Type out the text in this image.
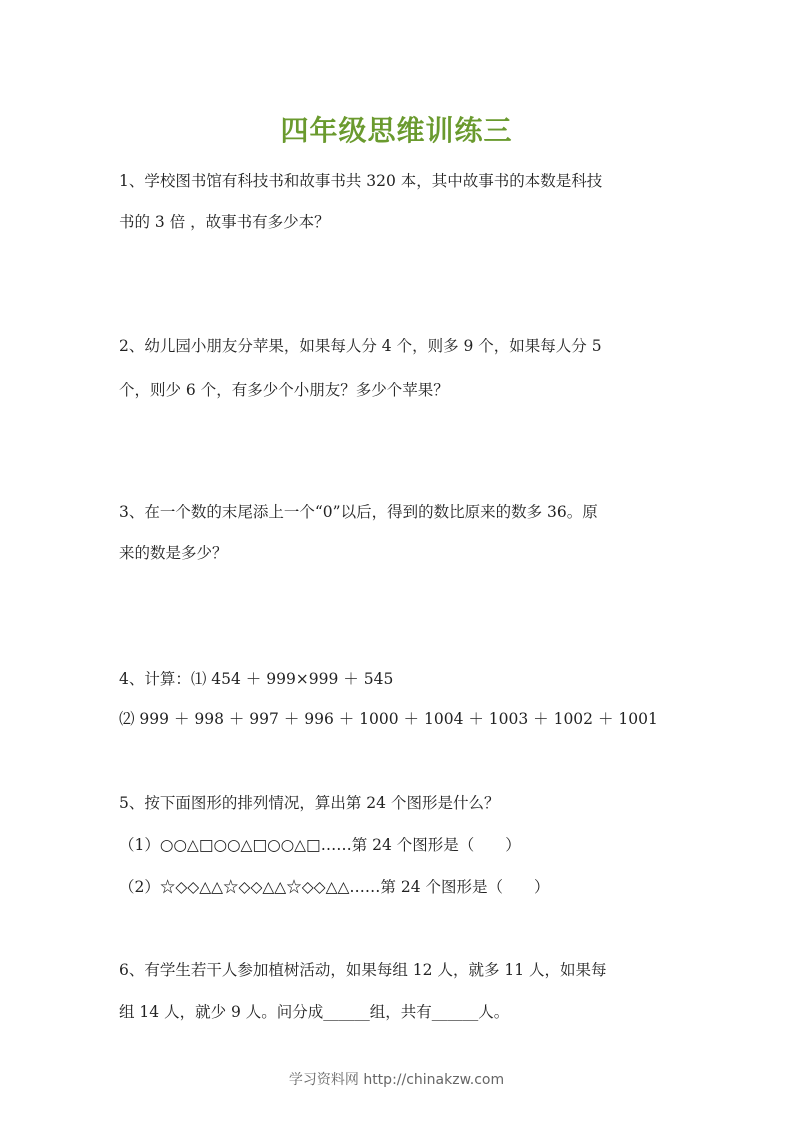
四年级思维训练三
1、学校图书馆有科技书和故事书共 320 本，其中故事书的本数是科技
书的 3 倍 ，故事书有多少本？
2、幼儿园小朋友分苹果，如果每人分 4 个，则多 9 个，如果每人分 5
个，则少 6 个，有多少个小朋友？多少个苹果？
3、在一个数的末尾添上一个“0”以后，得到的数比原来的数多 36。原
来的数是多少？
4、计算：⑴ 454 ＋ 999×999 ＋ 545
⑵ 999 ＋ 998 ＋ 997 ＋ 996 ＋ 1000 ＋ 1004 ＋ 1003 ＋ 1002 ＋ 1001
5、按下面图形的排列情况，算出第 24 个图形是什么？
（1）○○△□○○△□○○△□……第 24 个图形是（　　）
（2）☆◇◇△△☆◇◇△△☆◇◇△△……第 24 个图形是（　　）
6、有学生若干人参加植树活动，如果每组 12 人，就多 11 人，如果每
组 14 人，就少 9 人。问分成______组，共有______人。
学习资料网 http://chinakzw.com
